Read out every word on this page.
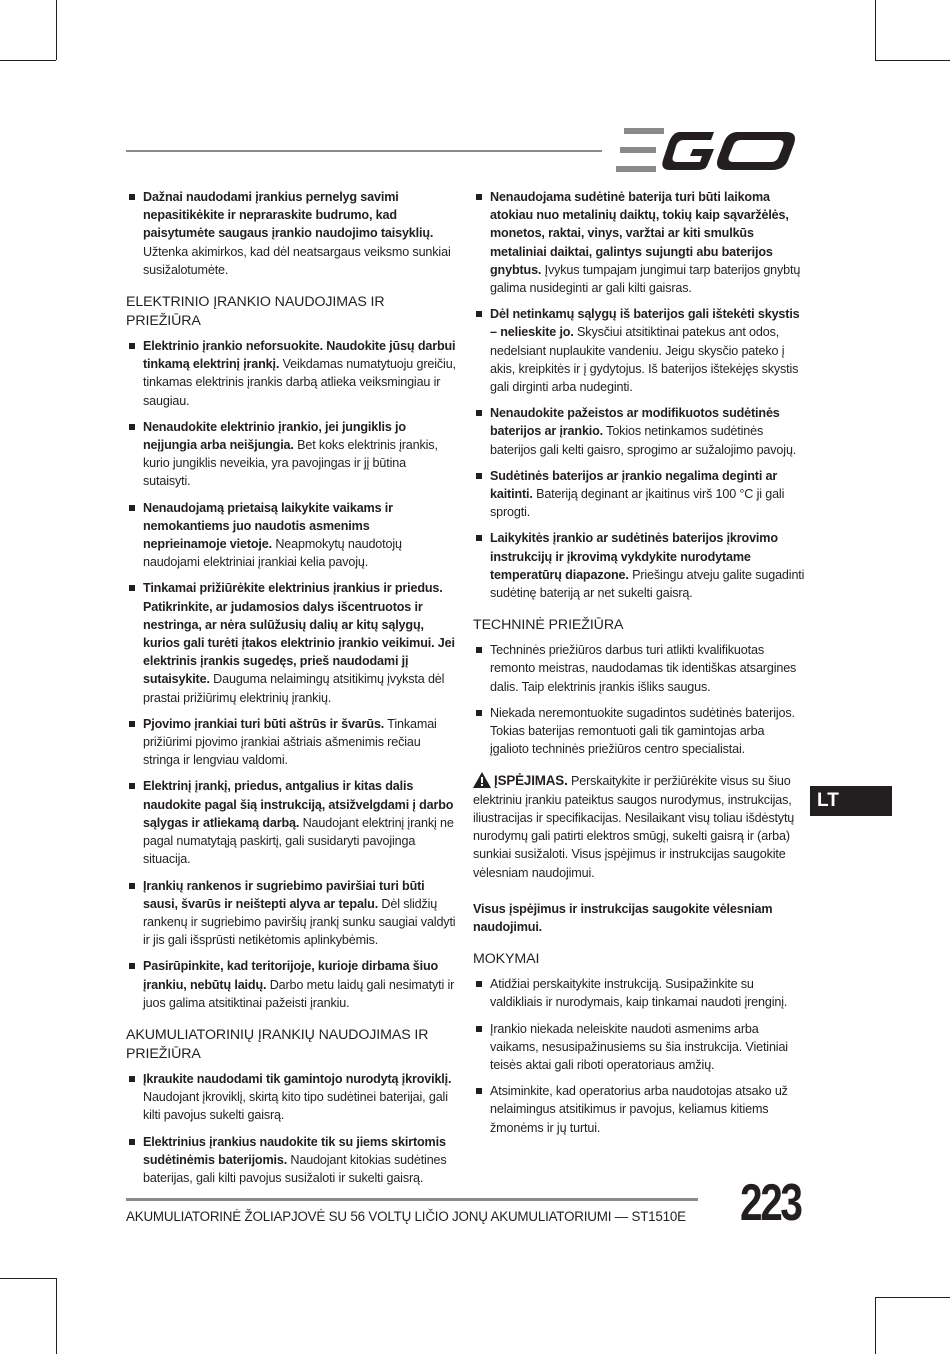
Dažnai naudodami įrankius pernelyg savimi nepasitikėkite ir nepraraskite budrumo, kad paisytumėte saugaus įrankio naudojimo taisyklių. Užtenka akimirkos, kad dėl neatsargaus veiksmo sunkiai susižalotumėte.
ELEKTRINIO ĮRANKIO NAUDOJIMAS IR PRIEŽIŪRA
Elektrinio įrankio neforsuokite. Naudokite jūsų darbui tinkamą elektrinį įrankį. Veikdamas numatytuoju greičiu, tinkamas elektrinis įrankis darbą atlieka veiksmingiau ir saugiau.
Nenaudokite elektrinio įrankio, jei jungiklis jo neįjungia arba neišjungia. Bet koks elektrinis įrankis, kurio jungiklis neveikia, yra pavojingas ir jį būtina sutaisyti.
Nenaudojamą prietaisą laikykite vaikams ir nemokantiems juo naudotis asmenims neprieinamoje vietoje. Neapmokytų naudotojų naudojami elektriniai įrankiai kelia pavojų.
Tinkamai prižiūrėkite elektrinius įrankius ir priedus. Patikrinkite, ar judamosios dalys išcentruotos ir nestringa, ar nėra sulūžusių dalių ar kitų sąlygų, kurios gali turėti įtakos elektrinio įrankio veikimui. Jei elektrinis įrankis sugedęs, prieš naudodami jį sutaisykite. Dauguma nelaimingų atsitikimų įvyksta dėl prastai prižiūrimų elektrinių įrankių.
Pjovimo įrankiai turi būti aštrūs ir švarūs. Tinkamai prižiūrimi pjovimo įrankiai aštriais ašmenimis rečiau stringa ir lengviau valdomi.
Elektrinį įrankį, priedus, antgalius ir kitas dalis naudokite pagal šią instrukciją, atsižvelgdami į darbo sąlygas ir atliekamą darbą. Naudojant elektrinį įrankį ne pagal numatytąją paskirtį, gali susidaryti pavojinga situacija.
Įrankių rankenos ir sugriebimo paviršiai turi būti sausi, švarūs ir neištepti alyva ar tepalu. Dėl slidžių rankenų ir sugriebimo paviršių įrankį sunku saugiai valdyti ir jis gali išsprūsti netikėtomis aplinkybėmis.
Pasirūpinkite, kad teritorijoje, kurioje dirbama šiuo įrankiu, nebūtų laidų. Darbo metu laidų gali nesimatyti ir juos galima atsitiktinai pažeisti įrankiu.
AKUMULIATORINIŲ ĮRANKIŲ NAUDOJIMAS IR PRIEŽIŪRA
Įkraukite naudodami tik gamintojo nurodytą įkroviklį. Naudojant įkroviklį, skirtą kito tipo sudėtinei baterijai, gali kilti pavojus sukelti gaisrą.
Elektrinius įrankius naudokite tik su jiems skirtomis sudėtinėmis baterijomis. Naudojant kitokias sudėtines baterijas, gali kilti pavojus susižaloti ir sukelti gaisrą.
Nenaudojama sudėtinė baterija turi būti laikoma atokiau nuo metalinių daiktų, tokių kaip sąvaržėlės, monetos, raktai, vinys, varžtai ar kiti smulkūs metaliniai daiktai, galintys sujungti abu baterijos gnybtus. Įvykus tumpajam jungimui tarp baterijos gnybtų galima nusideginti ar gali kilti gaisras.
Dėl netinkamų sąlygų iš baterijos gali ištekėti skystis – nelieskite jo. Skysčiui atsitiktinai patekus ant odos, nedelsiant nuplaukite vandeniu. Jeigu skysčio pateko į akis, kreipkitės ir į gydytojus. Iš baterijos ištekėjęs skystis gali dirginti arba nudeginti.
Nenaudokite pažeistos ar modifikuotos sudėtinės baterijos ar įrankio. Tokios netinkamos sudėtinės baterijos gali kelti gaisro, sprogimo ar sužalojimo pavojų.
Sudėtinės baterijos ar įrankio negalima deginti ar kaitinti. Bateriją deginant ar įkaitinus virš 100 °C ji gali sprogti.
Laikykitės įrankio ar sudėtinės baterijos įkrovimo instrukcijų ir įkrovimą vykdykite nurodytame temperatūrų diapazone. Priešingu atveju galite sugadinti sudėtinę bateriją ar net sukelti gaisrą.
TECHNINĖ PRIEŽIŪRA
Techninės priežiūros darbus turi atlikti kvalifikuotas remonto meistras, naudodamas tik identiškas atsargines dalis. Taip elektrinis įrankis išliks saugus.
Niekada neremontuokite sugadintos sudėtinės baterijos. Tokias baterijas remontuoti gali tik gamintojas arba įgalioto techninės priežiūros centro specialistai.
ĮSPĖJIMAS. Perskaitykite ir peržiūrėkite visus su šiuo elektriniu įrankiu pateiktus saugos nurodymus, instrukcijas, iliustracijas ir specifikacijas. Nesilaikant visų toliau išdėstytų nurodymų gali patirti elektros smūgį, sukelti gaisrą ir (arba) sunkiai susižaloti. Visus įspėjimus ir instrukcijas saugokite vėlesniam naudojimui.
Visus įspėjimus ir instrukcijas saugokite vėlesniam naudojimui.
MOKYMAI
Atidžiai perskaitykite instrukciją. Susipažinkite su valdikliais ir nurodymais, kaip tinkamai naudoti įrenginį.
Įrankio niekada neleiskite naudoti asmenims arba vaikams, nesusipažinusiems su šia instrukcija. Vietiniai teisės aktai gali riboti operatoriaus amžių.
Atsiminkite, kad operatorius arba naudotojas atsako už nelaimingus atsitikimus ir pavojus, keliamus kitiems žmonėms ir jų turtui.
LT
AKUMULIATORINĖ ŽOLIAPJOVĖ SU 56 VOLTŲ LIČIO JONŲ AKUMULIATORIUMI — ST1510E	223
